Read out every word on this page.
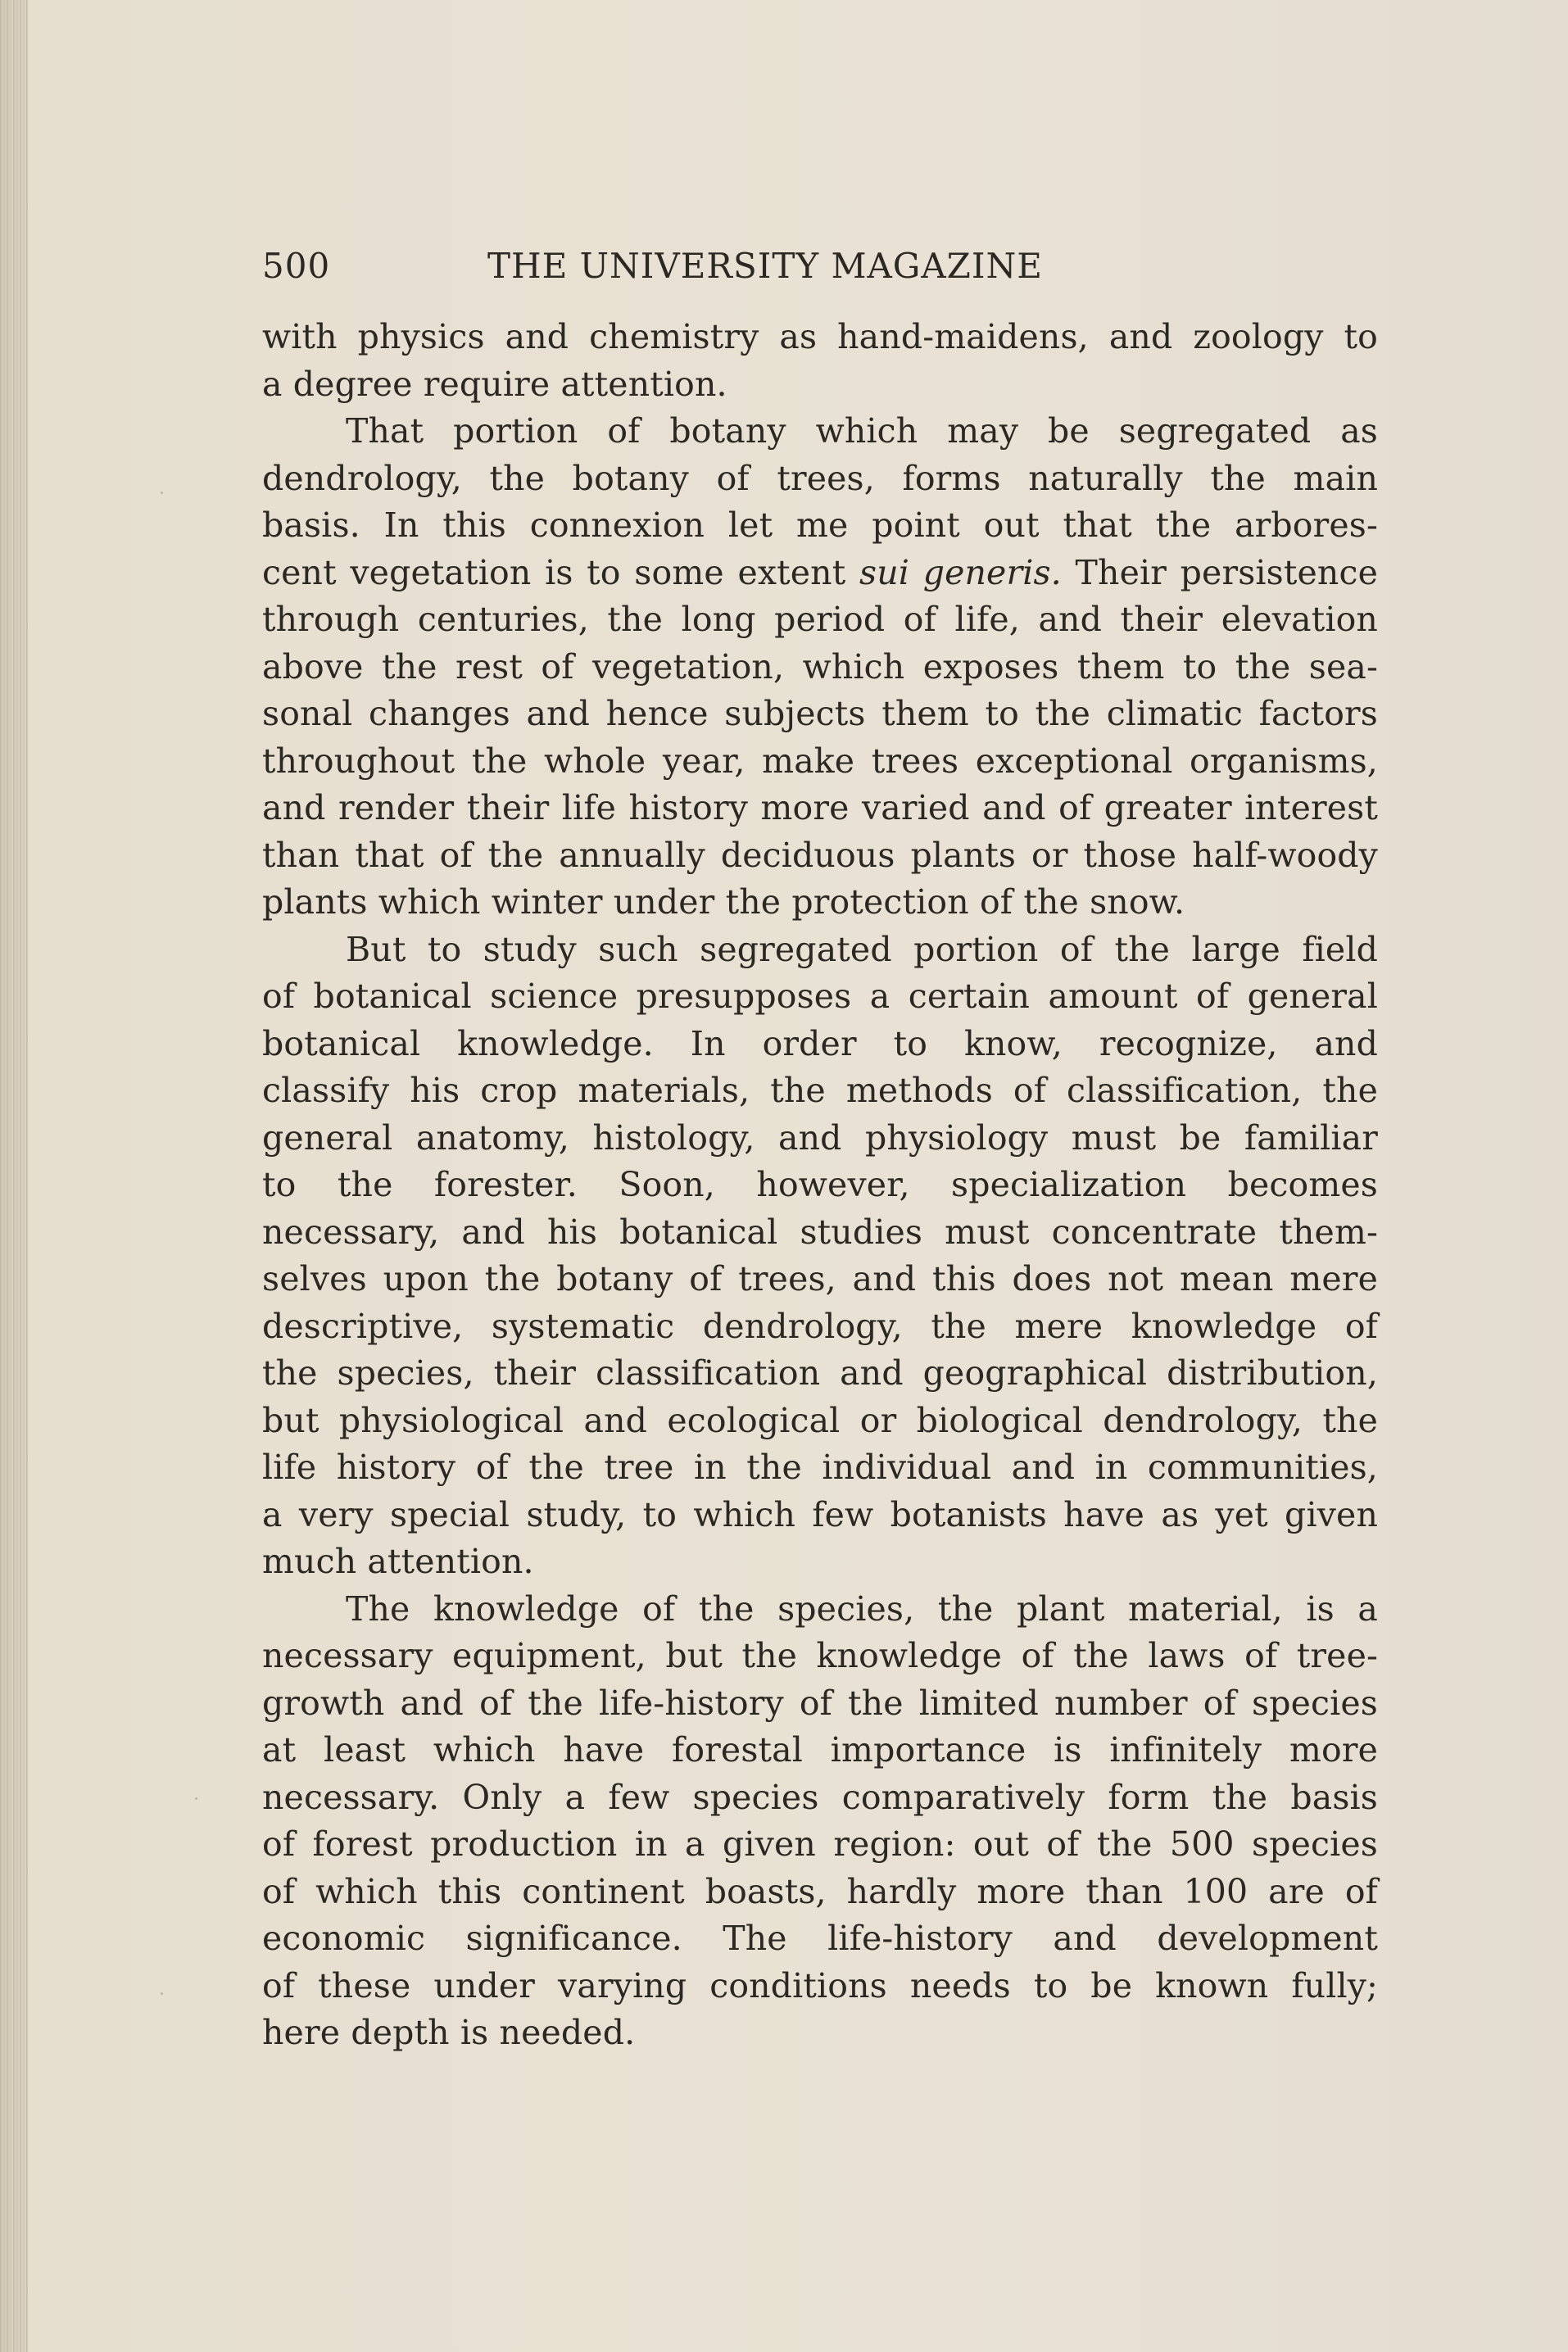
500	THE UNIVERSITY MAGAZINE
with physics and chemistry as hand-maidens, and zoology to
a degree require attention.
That portion of botany which may be segregated as
dendrology, the botany of trees, forms naturally the main
basis. In this connexion let me point out that the arbores-
cent vegetation is to some extent sui generis. Their persistence
through centuries, the long period of life, and their elevation
above the rest of vegetation, which exposes them to the sea-
sonal changes and hence subjects them to the climatic factors
throughout the whole year, make trees exceptional organisms,
and render their life history more varied and of greater interest
than that of the annually deciduous plants or those half-woody
plants which winter under the protection of the snow.
But to study such segregated portion of the large field
of botanical science presupposes a certain amount of general
botanical knowledge. In order to know, recognize, and
classify his crop materials, the methods of classification, the
general anatomy, histology, and physiology must be familiar
to the forester. Soon, however, specialization becomes
necessary, and his botanical studies must concentrate them-
selves upon the botany of trees, and this does not mean mere
descriptive, systematic dendrology, the mere knowledge of
the species, their classification and geographical distribution,
but physiological and ecological or biological dendrology, the
life history of the tree in the individual and in communities,
a very special study, to which few botanists have as yet given
much attention.
The knowledge of the species, the plant material, is a
necessary equipment, but the knowledge of the laws of tree-
growth and of the life-history of the limited number of species
at least which have forestal importance is infinitely more
necessary. Only a few species comparatively form the basis
of forest production in a given region: out of the 500 species
of which this continent boasts, hardly more than 100 are of
economic significance. The life-history and development
of these under varying conditions needs to be known fully;
here depth is needed.
